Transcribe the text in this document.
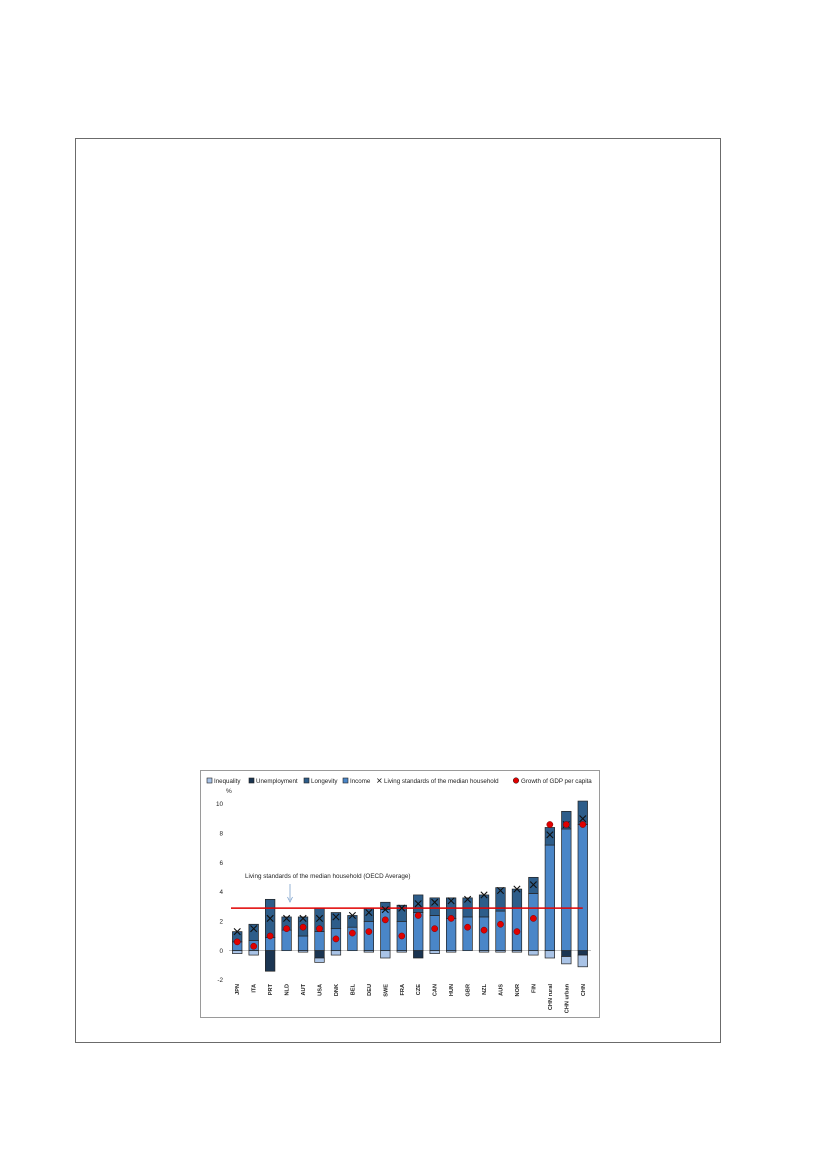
Inequality	Unemployment Longevity Income ✕ Living standards of the median household	Growth of GDP per capita
%
-2
0
2
4
6
8
10
JPN ITA PRT NLD AUT USA DNK BEL DEU SWE FRA CZE CAN HUN GBR NZL AUS NOR FIN CHN rural CHN urban CHN
Living standards of the median household (OECD Average)
